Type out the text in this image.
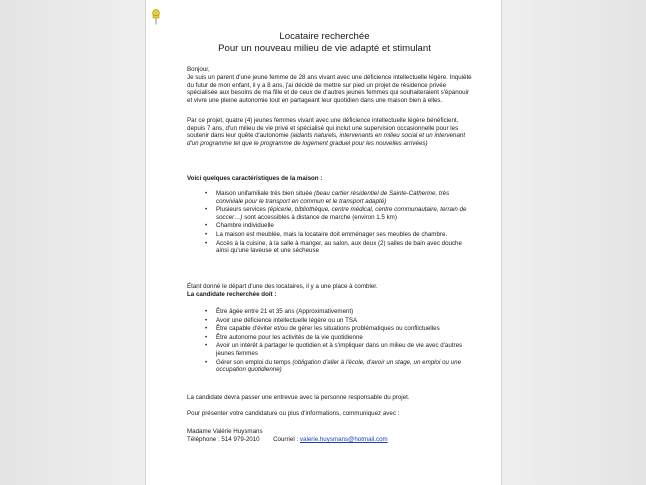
Locataire recherchée
Pour un nouveau milieu de vie adapté et stimulant

Bonjour,

Je suis un parent d'une jeune femme de 28 ans vivant avec une déficience intellectuelle légère. Inquiète du futur de mon enfant, il y a 8 ans, j'ai décidé de mettre sur pied un projet de résidence privée spécialisée aux besoins de ma fille et de ceux de d'autres jeunes femmes qui souhaiteraient s'épanouir et vivre une pleine autonomie tout en partageant leur quotidien dans une maison bien à elles.

Par ce projet, quatre (4) jeunes femmes vivant avec une déficience intellectuelle légère bénéficient, depuis 7 ans, d'un milieu de vie privé et spécialisé qui inclut une supervision occasionnelle pour les soutenir dans leur quête d'autonomie (aidants naturels, intervenants en milieu social et un intervenant d'un programme tel que le programme de logement graduel pour les nouvelles arrivées)

Voici quelques caractéristiques de la maison :

• Maison unifamiliale très bien située (beau cartier résidentiel de Sainte-Catherine, très conviviale pour le transport en commun et le transport adapté)
• Plusieurs services (épicerie, bibliothèque, centre médical, centre communautaire, terrain de soccer…) sont accessibles à distance de marche (environ 1.5 km)
• Chambre individuelle
• La maison est meublée, mais la locataire doit emménager ses meubles de chambre.
• Accès à la cuisine, à la salle à manger, au salon, aux deux (2) salles de bain avec douche ainsi qu'une laveuse et une sécheuse

Étant donné le départ d'une des locataires, il y a une place à combler.

La candidate recherchée doit :

• Être âgée entre 21 et 35 ans (Approximativement)
• Avoir une déficience intellectuelle légère ou un TSA
• Être capable d'éviter et/ou de gérer les situations problématiques ou conflictuelles
• Être autonome pour les activités de la vie quotidienne
• Avoir un intérêt à partager le quotidien et à s'impliquer dans un milieu de vie avec d'autres jeunes femmes
• Gérer son emploi du temps (obligation d'aller à l'école, d'avoir un stage, un emploi ou une occupation quotidienne)

La candidate devra passer une entrevue avec la personne responsable du projet.

Pour présenter votre candidature ou plus d'informations, communiquez avec :

Madame Valérie Huysmans
Téléphone : 514 979-2010 Courriel : valerie.huysmans@hotmail.com
